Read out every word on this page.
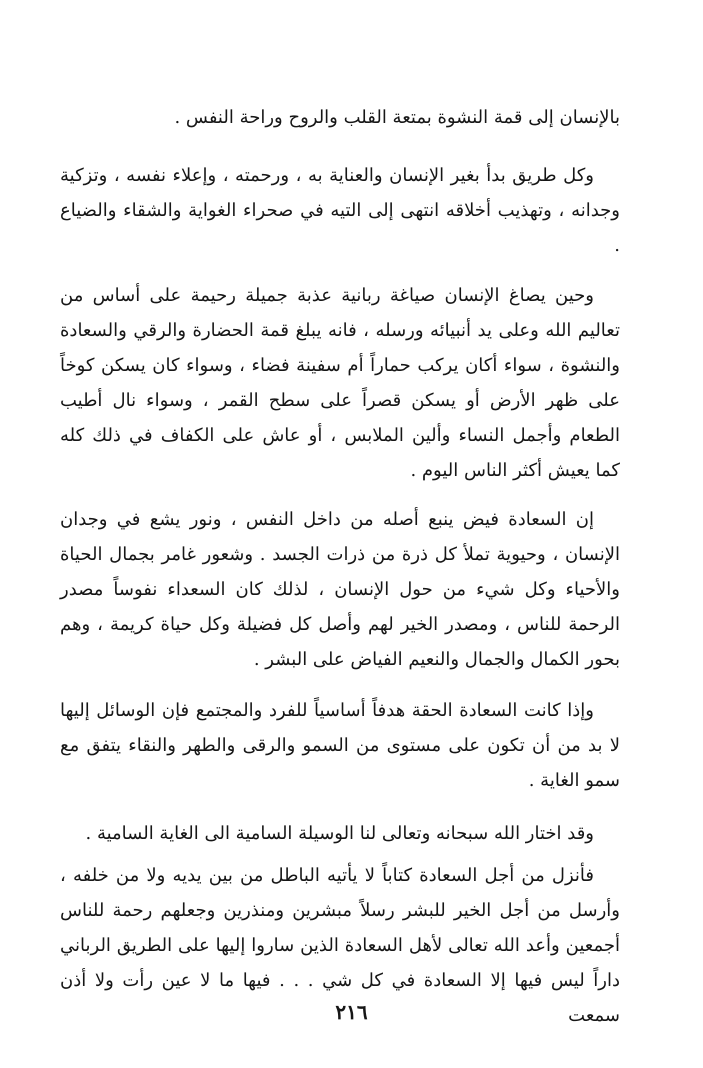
بالإنسان إلى قمة النشوة بمتعة القلب والروح وراحة النفس .

وكل طريق بدأ بغير الإنسان والعناية به ، ورحمته ، وإعلاء نفسه ، وتزكية وجدانه ، وتهذيب أخلاقه انتهى إلى التيه في صحراء الغواية والشقاء والضياع .

وحين يصاغ الإنسان صياغة ربانية عذبة جميلة رحيمة على أساس من تعاليم الله وعلى يد أنبيائه ورسله ، فانه يبلغ قمة الحضارة والرقي والسعادة والنشوة ، سواء أكان يركب حماراً أم سفينة فضاء ، وسواء كان يسكن كوخاً على ظهر الأرض أو يسكن قصراً على سطح القمر ، وسواء نال أطيب الطعام وأجمل النساء وألين الملابس ، أو عاش على الكفاف في ذلك كله كما يعيش أكثر الناس اليوم .

إن السعادة فيض ينبع أصله من داخل النفس ، ونور يشع في وجدان الإنسان ، وحيوية تملأ كل ذرة من ذرات الجسد . وشعور غامر بجمال الحياة والأحياء وكل شيء من حول الإنسان ، لذلك كان السعداء نفوساً مصدر الرحمة للناس ، ومصدر الخير لهم وأصل كل فضيلة وكل حياة كريمة ، وهم بحور الكمال والجمال والنعيم الفياض على البشر .

وإذا كانت السعادة الحقة هدفاً أساسياً للفرد والمجتمع فإن الوسائل إليها لا بد من أن تكون على مستوى من السمو والرقى والطهر والنقاء يتفق مع سمو الغاية .

وقد اختار الله سبحانه وتعالى لنا الوسيلة السامية الى الغاية السامية .

فأنزل من أجل السعادة كتاباً لا يأتيه الباطل من بين يديه ولا من خلفه ، وأرسل من أجل الخير للبشر رسلاً مبشرين ومنذرين وجعلهم رحمة للناس أجمعين وأعد الله تعالى لأهل السعادة الذين ساروا إليها على الطريق الرباني داراً ليس فيها إلا السعادة في كل شي . . . فيها ما لا عين رأت ولا أذن سمعت

٢١٦
